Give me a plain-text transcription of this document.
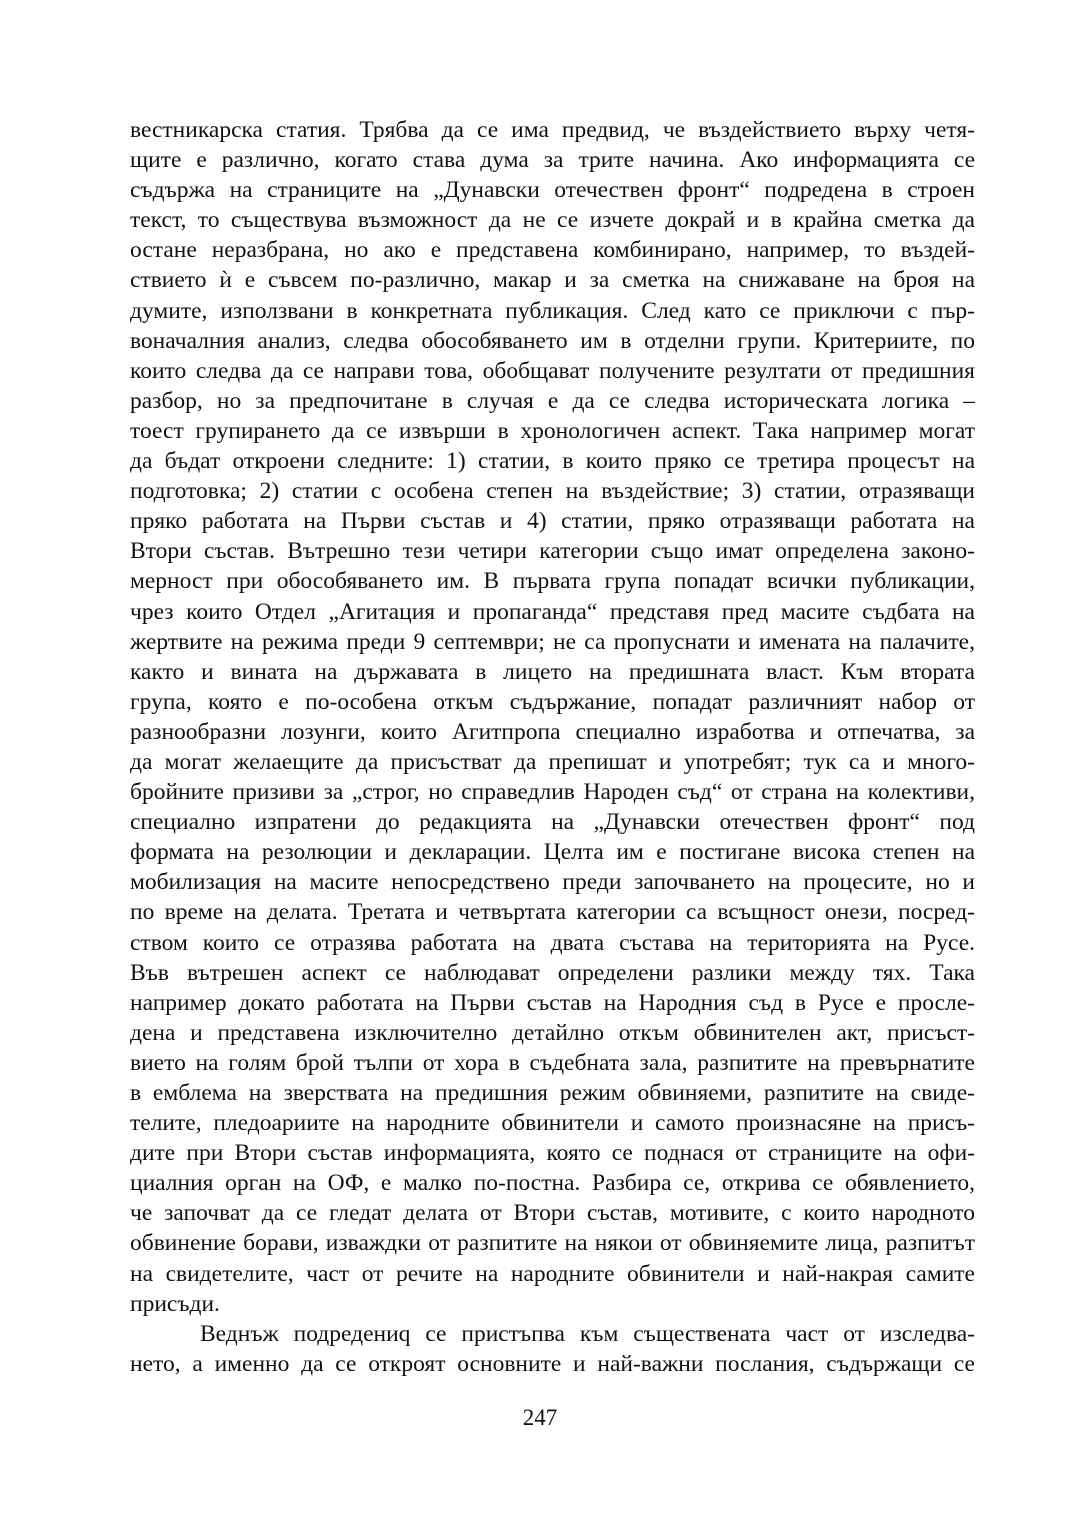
вестникарска статия. Трябва да се има предвид, че въздействието върху четя-
щите е различно, когато става дума за трите начина. Ако информацията се
съдържа на страниците на „Дунавски отечествен фронт“ подредена в строен
текст, то съществува възможност да не се изчете докрай и в крайна сметка да
остане неразбрана, но ако е представена комбинирано, например, то въздей-
ствието ѝ е съвсем по-различно, макар и за сметка на снижаване на броя на
думите, използвани в конкретната публикация. След като се приключи с пър-
воначалния анализ, следва обособяването им в отделни групи. Критериите, по
които следва да се направи това, обобщават получените резултати от предишния
разбор, но за предпочитане в случая е да се следва историческата логика –
тоест групирането да се извърши в хронологичен аспект. Така например могат
да бъдат откроени следните: 1) статии, в които пряко се третира процесът на
подготовка; 2) статии с особена степен на въздействие; 3) статии, отразяващи
пряко работата на Първи състав и 4) статии, пряко отразяващи работата на
Втори състав. Вътрешно тези четири категории също имат определена законо-
мерност при обособяването им. В първата група попадат всички публикации,
чрез които Отдел „Агитация и пропаганда“ представя пред масите съдбата на
жертвите на режима преди 9 септември; не са пропуснати и имената на палачите,
както и вината на държавата в лицето на предишната власт. Към втората
група, която е по-особена откъм съдържание, попадат различният набор от
разнообразни лозунги, които Агитпропа специално изработва и отпечатва, за
да могат желаещите да присъстват да препишат и употребят; тук са и много-
бройните призиви за „строг, но справедлив Народен съд“ от страна на колективи,
специално изпратени до редакцията на „Дунавски отечествен фронт“ под
формата на резолюции и декларации. Целта им е постигане висока степен на
мобилизация на масите непосредствено преди започването на процесите, но и
по време на делата. Третата и четвъртата категории са всъщност онези, посред-
ством които се отразява работата на двата състава на територията на Русе.
Във вътрешен аспект се наблюдават определени разлики между тях. Така
например докато работата на Първи състав на Народния съд в Русе е просле-
дена и представена изключително детайлно откъм обвинителен акт, присъст-
вието на голям брой тълпи от хора в съдебната зала, разпитите на превърнатите
в емблема на зверствата на предишния режим обвиняеми, разпитите на свиде-
телите, пледоариите на народните обвинители и самото произнасяне на присъ-
дите при Втори състав информацията, която се поднася от страниците на офи-
циалния орган на ОФ, е малко по-постна. Разбира се, открива се обявлението,
че започват да се гледат делата от Втори състав, мотивите, с които народното
обвинение борави, изваждки от разпитите на някои от обвиняемите лица, разпитът
на свидетелите, част от речите на народните обвинители и най-накрая самите
присъди.
Веднъж подредениq се пристъпва към съществената част от изследва-
нето, а именно да се откроят основните и най-важни послания, съдържащи се
247
